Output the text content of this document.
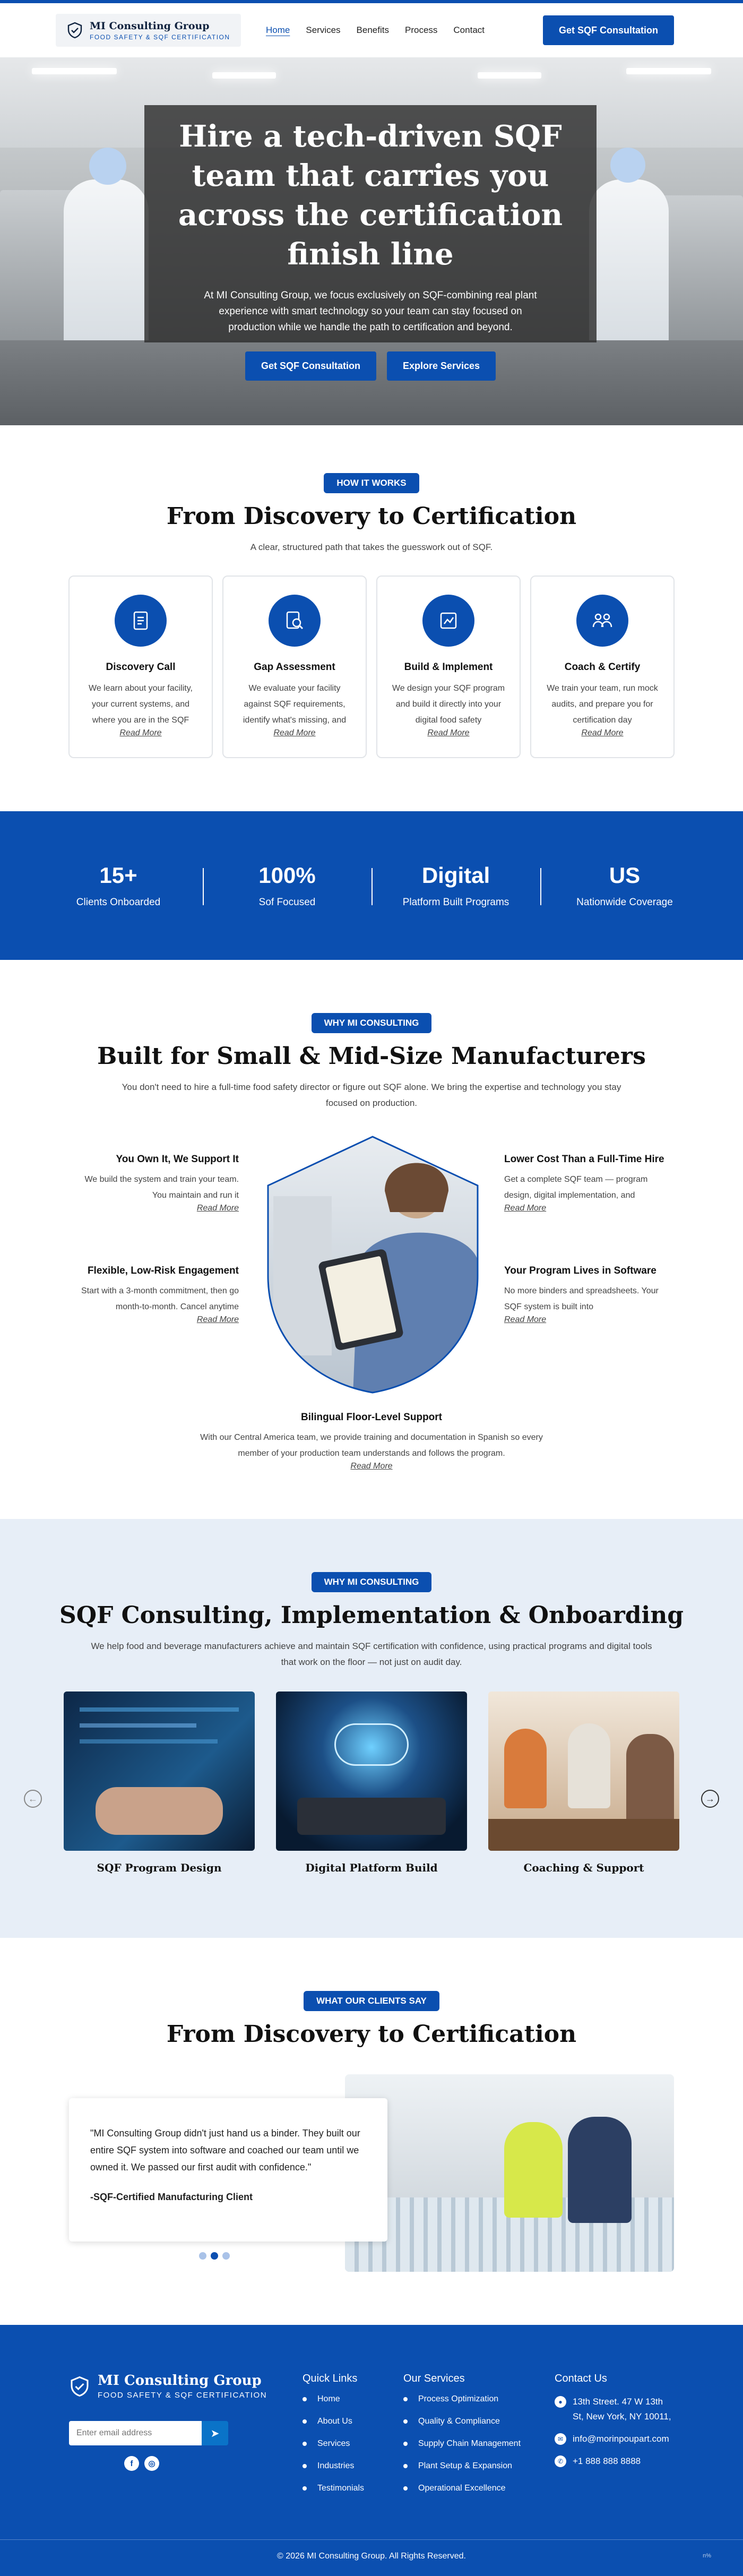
MI Consulting Group
FOOD SAFETY & SQF CERTIFICATION
Home Services Benefits Process Contact	Get SQF Consultation
Hire a tech-driven SQF team that carries you across the certification finish line

At MI Consulting Group, we focus exclusively on SQF-combining real plant experience with smart technology so your team can stay focused on production while we handle the path to certification and beyond.

Get SQF Consultation	Explore Services
HOW IT WORKS
From Discovery to Certification

A clear, structured path that takes the guesswork out of SQF.

Discovery Call

We learn about your facility, your current systems, and where you are in the SQF

Read More
Gap Assessment

We evaluate your facility against SQF requirements, identify what's missing, and

Read More
Build & Implement

We design your SQF program and build it directly into your digital food safety

Read More
Coach & Certify

We train your team, run mock audits, and prepare you for certification day

Read More
15+
Clients Onboarded
100%
Sof Focused
Digital
Platform Built Programs
US
Nationwide Coverage
WHY MI CONSULTING
Built for Small & Mid-Size Manufacturers

You don't need to hire a full-time food safety director or figure out SQF alone. We bring the expertise and technology you stay focused on production.

You Own It, We Support It

We build the system and train your team. You maintain and run it

Read More
Lower Cost Than a Full-Time Hire

Get a complete SQF team — program design, digital implementation, and

Read More
Flexible, Low-Risk Engagement

Start with a 3-month commitment, then go month-to-month. Cancel anytime

Read More
Your Program Lives in Software

No more binders and spreadsheets. Your SQF system is built into

Read More
Bilingual Floor-Level Support

With our Central America team, we provide training and documentation in Spanish so every member of your production team understands and follows the program.

Read More
WHY MI CONSULTING
SQF Consulting, Implementation & Onboarding

We help food and beverage manufacturers achieve and maintain SQF certification with confidence, using practical programs and digital tools that work on the floor — not just on audit day.

←	→
SQF Program Design	Digital Platform Build	Coaching & Support
WHAT OUR CLIENTS SAY
From Discovery to Certification

"MI Consulting Group didn't just hand us a binder. They built our entire SQF system into software and coached our team until we owned it. We passed our first audit with confidence."

-SQF-Certified Manufacturing Client

MI Consulting Group
FOOD SAFETY & SQF CERTIFICATION
Enter email address
➤
f	◎
Quick Links
Home
About Us
Services
Industries
Testimonials
Our Services
Process Optimization
Quality & Compliance
Supply Chain Management
Plant Setup & Expansion
Operational Excellence
Contact Us
●	13th Street. 47 W 13th St, New York, NY 10011,
✉	info@morinpoupart.com
✆	+1 888 888 8888
© 2026 MI Consulting Group. All Rights Reserved.	n%
